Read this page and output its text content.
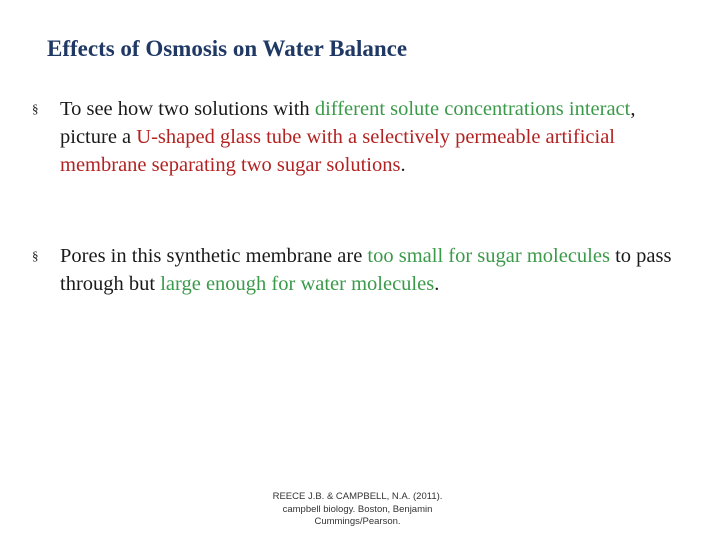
Effects of Osmosis on Water Balance
§ To see how two solutions with different solute concentrations interact, picture a U-shaped glass tube with a selectively permeable artificial membrane separating two sugar solutions.
§ Pores in this synthetic membrane are too small for sugar molecules to pass through but large enough for water molecules.
REECE J.B. & CAMPBELL, N.A. (2011).
campbell biology. Boston, Benjamin
Cummings/Pearson.
